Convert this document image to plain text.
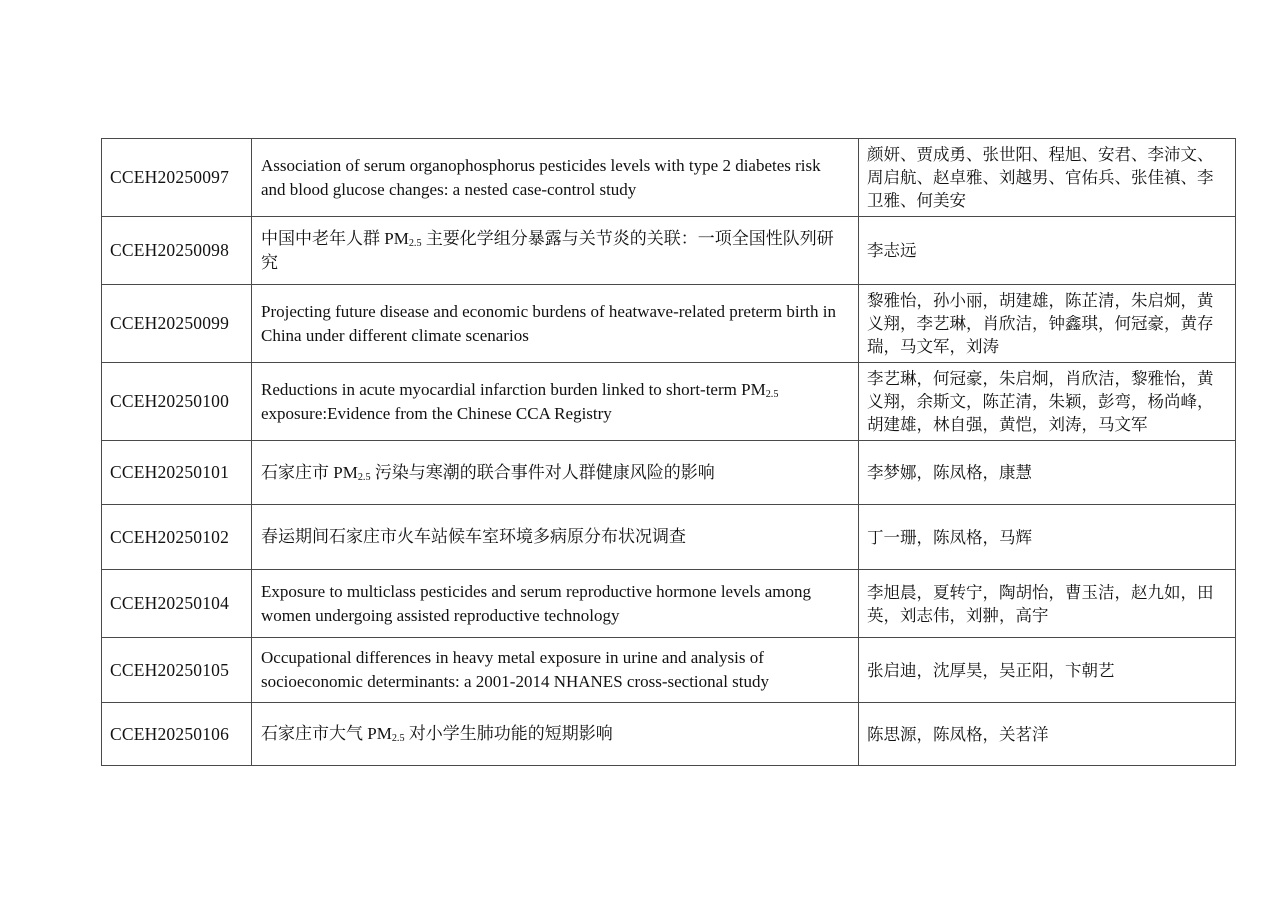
CCEH20250097	Association of serum organophosphorus pesticides levels with type 2 diabetes risk and blood glucose changes: a nested case-control study	颜妍、贾成勇、张世阳、程旭、安君、李沛文、周启航、赵卓雅、刘越男、官佑兵、张佳禛、李卫雅、何美安
CCEH20250098	中国中老年人群 $PM_{2.5}$ 主要化学组分暴露与关节炎的关联：一项全国性队列研究	李志远
CCEH20250099	Projecting future disease and economic burdens of heatwave-related preterm birth in China under different climate scenarios	黎雅怡，孙小丽，胡建雄，陈芷清，朱启炯，黄义翔，李艺琳，肖欣洁，钟鑫琪，何冠豪，黄存瑞，马文军，刘涛
CCEH20250100	Reductions in acute myocardial infarction burden linked to short-term $PM_{2.5}$ exposure:Evidence from the Chinese CCA Registry	李艺琳，何冠豪，朱启炯，肖欣洁，黎雅怡，黄义翔，余斯文，陈芷清，朱颖，彭弯，杨尚峰，胡建雄，林自强，黄恺，刘涛，马文军
CCEH20250101	石家庄市 $PM_{2.5}$ 污染与寒潮的联合事件对人群健康风险的影响	李梦娜，陈凤格，康慧
CCEH20250102	春运期间石家庄市火车站候车室环境多病原分布状况调查	丁一珊，陈凤格，马辉
CCEH20250104	Exposure to multiclass pesticides and serum reproductive hormone levels among women undergoing assisted reproductive technology	李旭晨，夏转宁，陶胡怡，曹玉洁，赵九如，田英，刘志伟，刘翀，高宇
CCEH20250105	Occupational differences in heavy metal exposure in urine and analysis of socioeconomic determinants: a 2001-2014 NHANES cross-sectional study	张启迪，沈厚昊，吴正阳，卞朝艺
CCEH20250106	石家庄市大气 $PM_{2.5}$ 对小学生肺功能的短期影响	陈思源，陈凤格，关茗洋
